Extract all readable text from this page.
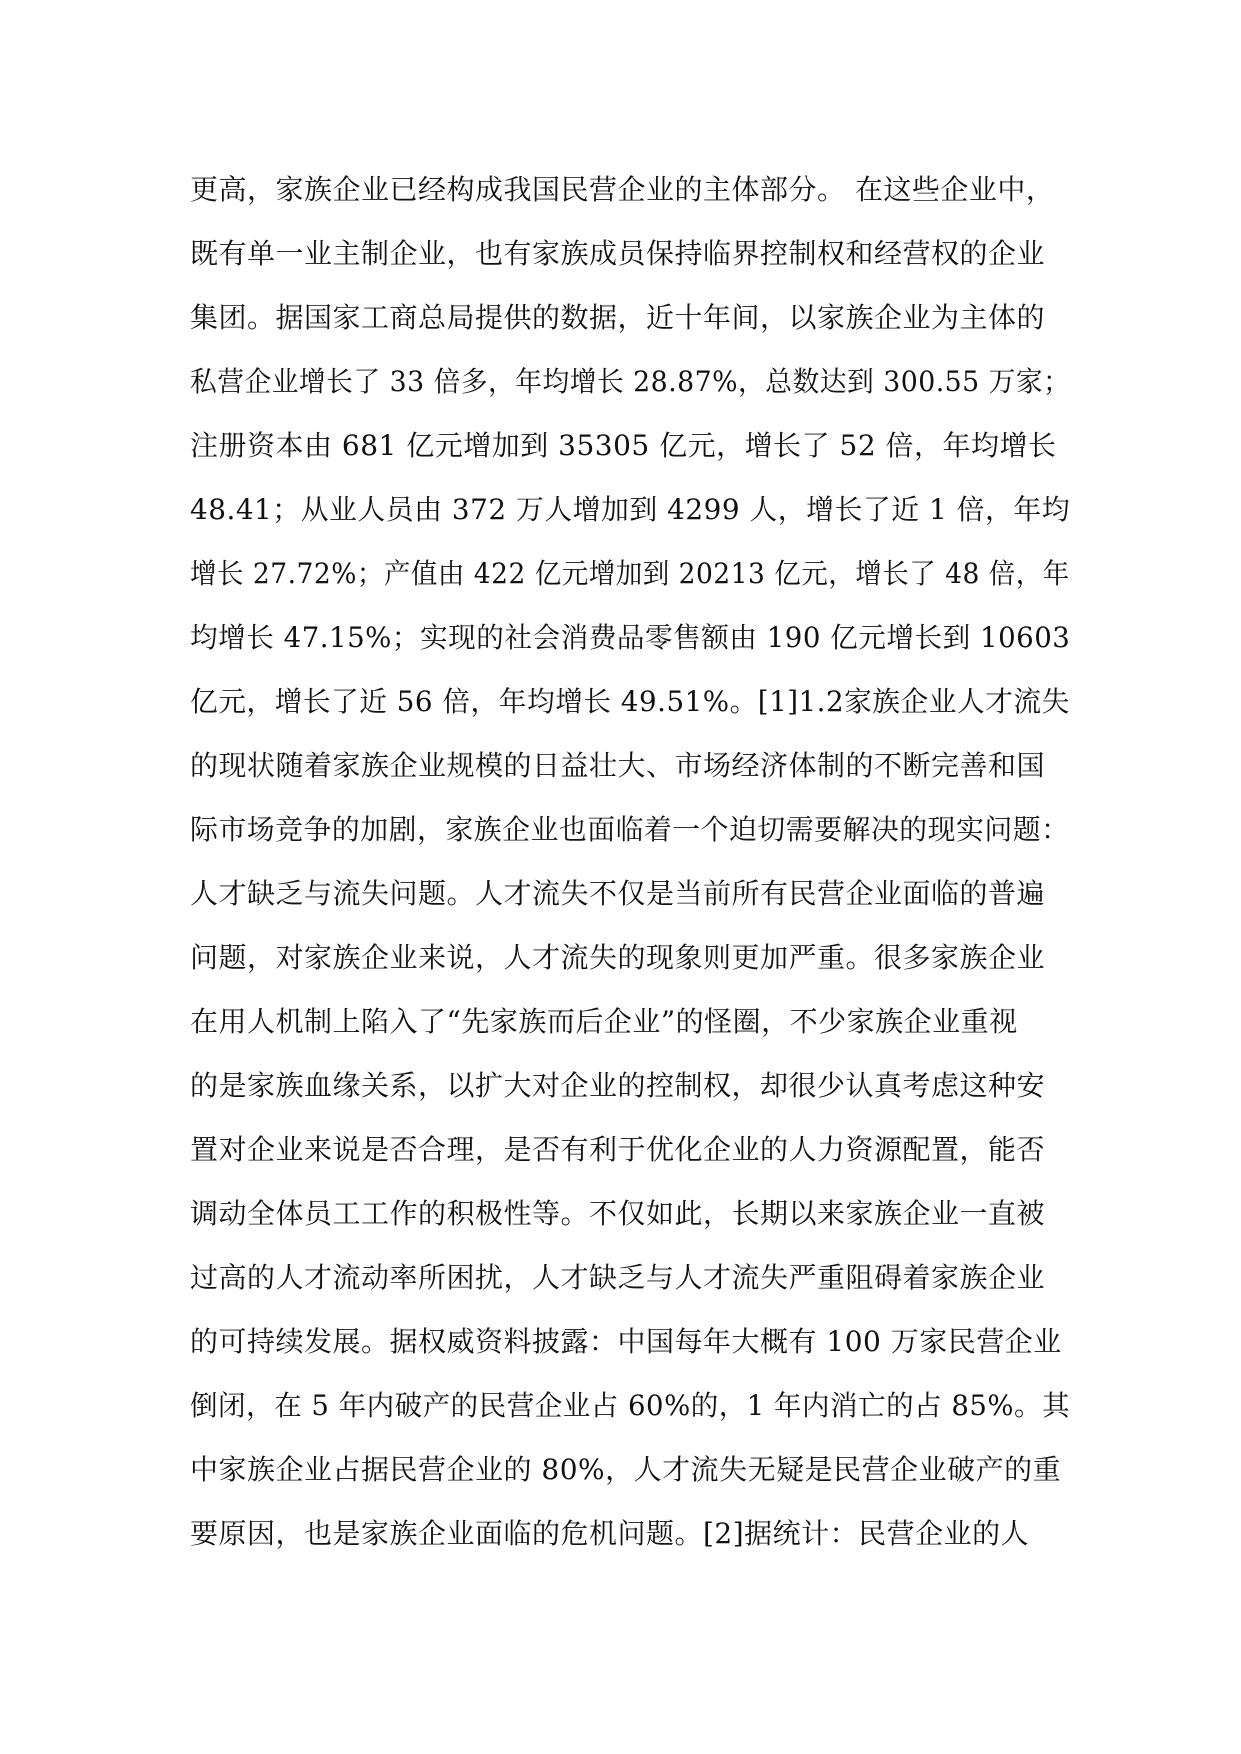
更高，家族企业已经构成我国民营企业的主体部分。 在这些企业中，
既有单一业主制企业，也有家族成员保持临界控制权和经营权的企业
集团。据国家工商总局提供的数据，近十年间，以家族企业为主体的
私营企业增长了 33 倍多，年均增长 28.87%，总数达到 300.55 万家；
注册资本由 681 亿元增加到 35305 亿元，增长了 52 倍，年均增长
48.41；从业人员由 372 万人增加到 4299 人，增长了近 1 倍，年均
增长 27.72%；产值由 422 亿元增加到 20213 亿元，增长了 48 倍，年
均增长 47.15%；实现的社会消费品零售额由 190 亿元增长到 10603
亿元，增长了近 56 倍，年均增长 49.51%。[1]1.2家族企业人才流失
的现状随着家族企业规模的日益壮大、市场经济体制的不断完善和国
际市场竞争的加剧，家族企业也面临着一个迫切需要解决的现实问题：
人才缺乏与流失问题。人才流失不仅是当前所有民营企业面临的普遍
问题，对家族企业来说，人才流失的现象则更加严重。很多家族企业
在用人机制上陷入了“先家族而后企业”的怪圈，不少家族企业重视
的是家族血缘关系，以扩大对企业的控制权，却很少认真考虑这种安
置对企业来说是否合理，是否有利于优化企业的人力资源配置，能否
调动全体员工工作的积极性等。不仅如此，长期以来家族企业一直被
过高的人才流动率所困扰，人才缺乏与人才流失严重阻碍着家族企业
的可持续发展。据权威资料披露：中国每年大概有 100 万家民营企业
倒闭，在 5 年内破产的民营企业占 60%的，1 年内消亡的占 85%。其
中家族企业占据民营企业的 80%，人才流失无疑是民营企业破产的重
要原因，也是家族企业面临的危机问题。[2]据统计：民营企业的人
